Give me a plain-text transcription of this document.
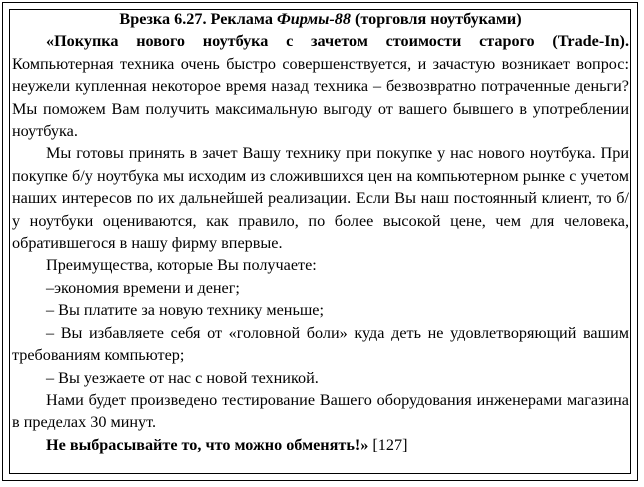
Врезка 6.27. Реклама Фирмы-88 (торговля ноутбуками)

«Покупка нового ноутбука с зачетом стоимости старого (Trade-In). Компьютерная техника очень быстро совершенствуется, и зачастую возникает вопрос: неужели купленная некоторое время назад техника – безвозвратно потраченные деньги? Мы поможем Вам получить максимальную выгоду от вашего бывшего в употреблении ноутбука.

Мы готовы принять в зачет Вашу технику при покупке у нас нового ноутбука. При покупке б/у ноутбука мы исходим из сложившихся цен на компьютерном рынке с учетом наших интересов по их дальнейшей реализации. Если Вы наш постоянный клиент, то б/у ноутбуки оцениваются, как правило, по более высокой цене, чем для человека, обратившегося в нашу фирму впервые.

Преимущества, которые Вы получаете:

–экономия времени и денег;

– Вы платите за новую технику меньше;

– Вы избавляете себя от «головной боли» куда деть не удовлетворяющий вашим требованиям компьютер;

– Вы уезжаете от нас с новой техникой.

Нами будет произведено тестирование Вашего оборудования инженерами магазина в пределах 30 минут.

Не выбрасывайте то, что можно обменять!» [127]
